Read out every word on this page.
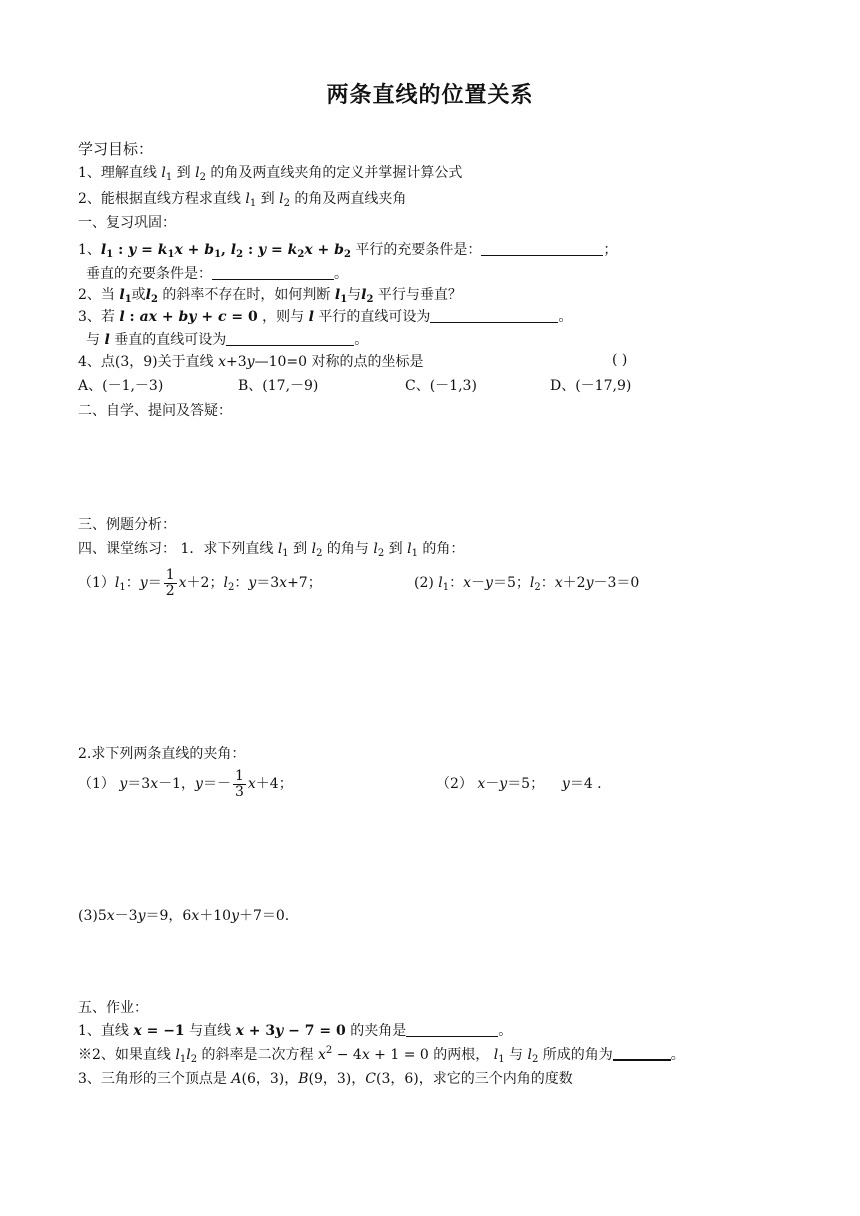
两条直线的位置关系
学习目标：
1、理解直线 $l_1$ 到 $l_2$ 的角及两直线夹角的定义并掌握计算公式
2、能根据直线方程求直线 $l_1$ 到 $l_2$ 的角及两直线夹角
一、复习巩固：
1、$l_1$ : $y = k_1x + b_1$, $l_2$ : $y = k_2x + b_2$ 平行的充要条件是：	；
垂直的充要条件是：	。
2、当 $l_1$或$l_2$ 的斜率不存在时，如何判断 $l_1$与$l_2$ 平行与垂直？
3、若 l : ax + by + c = 0 ，则与 l 平行的直线可设为	。
与 l 垂直的直线可设为	。
4、点(3，9)关于直线 x+3y—10=0 对称的点的坐标是	( )
A、(－1,－3)	B、(17,－9)	C、(－1,3)	D、(－17,9)
二、自学、提问及答疑：
三、例题分析：
四、课堂练习： 1．求下列直线 $l_1$ 到 $l_2$ 的角与 $l_2$ 到 $l_1$ 的角：
$(1)l_1$：$y= \frac{1}{2} x+2$；$l_2$：y＝3x+7；	(2) $l_1$：x－y＝5；$l_2$：x＋2y－3＝0
2.求下列两条直线的夹角：
（1） y＝3x－1，$y=- \frac{1}{3} x+4$；	（2） x－y＝5；    y＝4 .
(3)5x－3y＝9，6x＋10y＋7＝0.
五、作业：
1、直线 x = −1 与直线 x + 3y − 7 = 0 的夹角是	。
※2、如果直线 $l_1l_2$ 的斜率是二次方程 $x^2 - 4x + 1 = 0$ 的两根， $l_1$ 与 $l_2$ 所成的角为	。
3、三角形的三个顶点是 A(6，3)，B(9，3)，C(3，6)，求它的三个内角的度数
